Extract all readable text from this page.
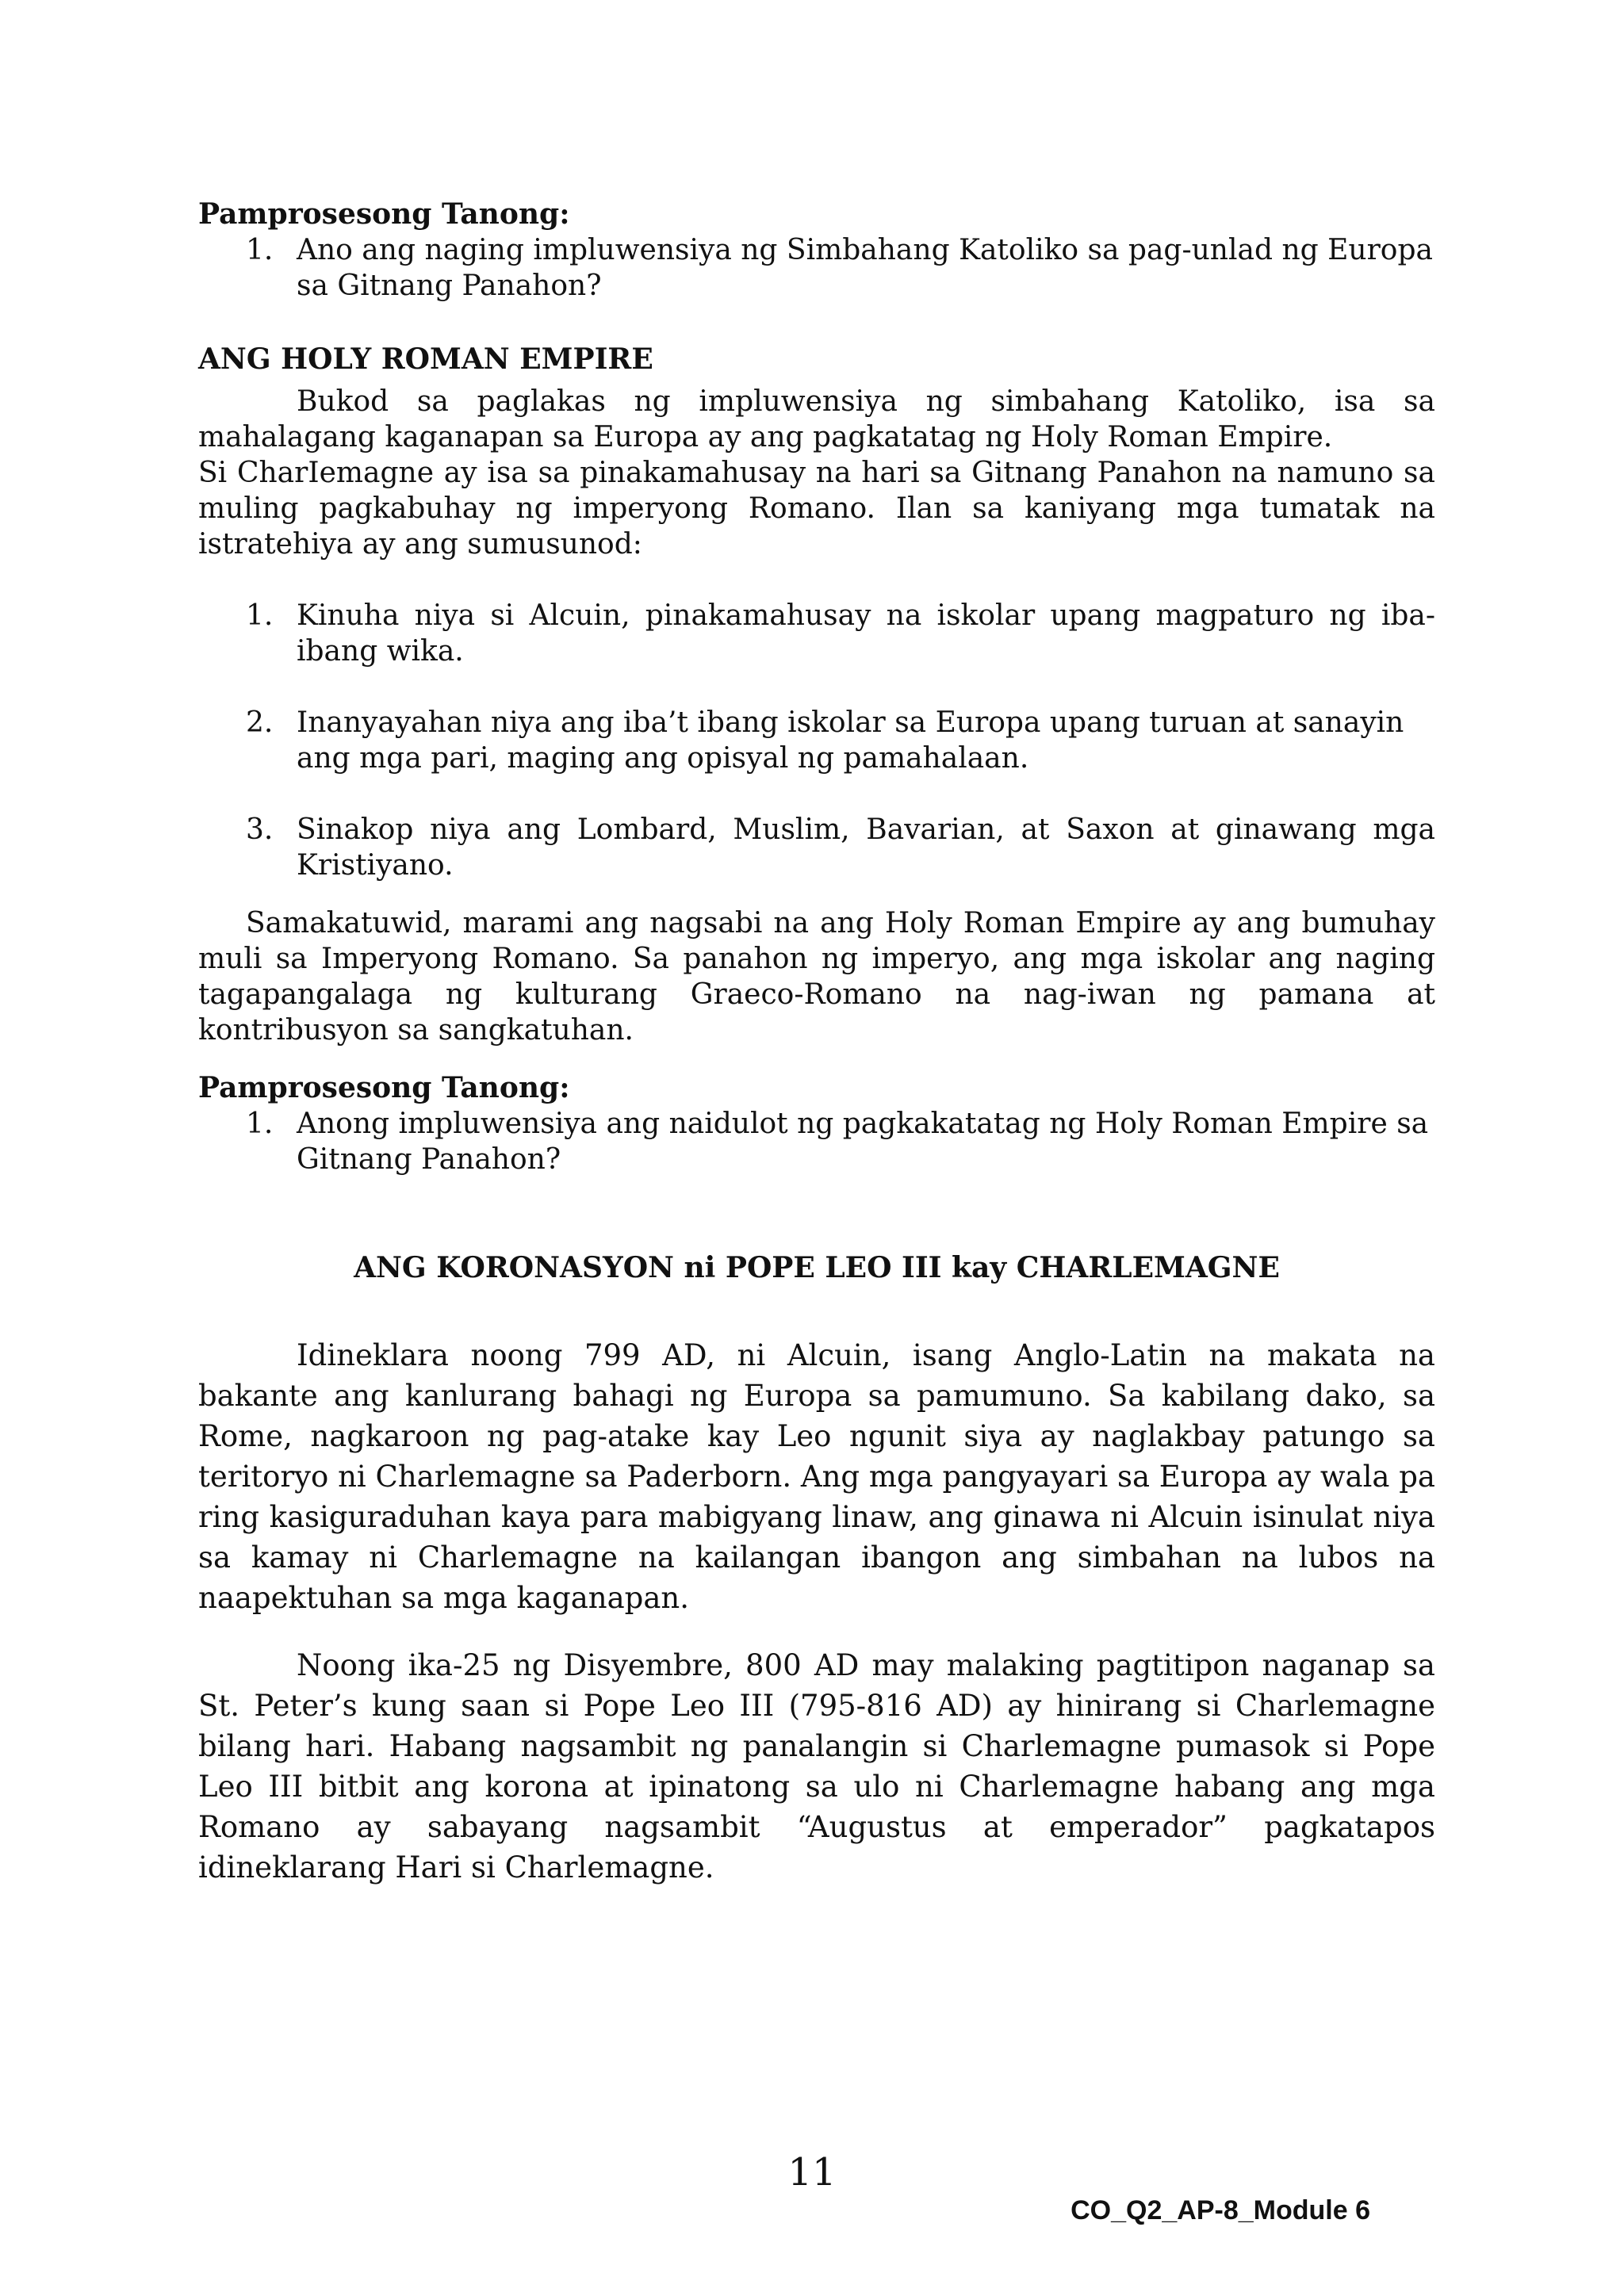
Pamprosesong Tanong:

1. Ano ang naging impluwensiya ng Simbahang Katoliko sa pag-unlad ng Europa sa Gitnang Panahon?

ANG HOLY ROMAN EMPIRE

Bukod sa paglakas ng impluwensiya ng simbahang Katoliko, isa sa mahalagang kaganapan sa Europa ay ang pagkatatag ng Holy Roman Empire.

Si CharIemagne ay isa sa pinakamahusay na hari sa Gitnang Panahon na namuno sa muling pagkabuhay ng imperyong Romano. Ilan sa kaniyang mga tumatak na istratehiya ay ang sumusunod:

1. Kinuha niya si Alcuin, pinakamahusay na iskolar upang magpaturo ng iba-ibang wika.
2. Inanyayahan niya ang iba’t ibang iskolar sa Europa upang turuan at sanayin ang mga pari, maging ang opisyal ng pamahalaan.
3. Sinakop niya ang Lombard, Muslim, Bavarian, at Saxon at ginawang mga Kristiyano.

Samakatuwid, marami ang nagsabi na ang Holy Roman Empire ay ang bumuhay muli sa Imperyong Romano. Sa panahon ng imperyo, ang mga iskolar ang naging tagapangalaga ng kulturang Graeco-Romano na nag-iwan ng pamana at kontribusyon sa sangkatuhan.

Pamprosesong Tanong:

1. Anong impluwensiya ang naidulot ng pagkakatatag ng Holy Roman Empire sa Gitnang Panahon?

ANG KORONASYON ni POPE LEO III kay CHARLEMAGNE

Idineklara noong 799 AD, ni Alcuin, isang Anglo-Latin na makata na bakante ang kanlurang bahagi ng Europa sa pamumuno. Sa kabilang dako, sa Rome, nagkaroon ng pag-atake kay Leo ngunit siya ay naglakbay patungo sa teritoryo ni Charlemagne sa Paderborn. Ang mga pangyayari sa Europa ay wala pa ring kasiguraduhan kaya para mabigyang linaw, ang ginawa ni Alcuin isinulat niya sa kamay ni Charlemagne na kailangan ibangon ang simbahan na lubos na naapektuhan sa mga kaganapan.

Noong ika-25 ng Disyembre, 800 AD may malaking pagtitipon naganap sa St. Peter’s kung saan si Pope Leo III (795-816 AD) ay hinirang si Charlemagne bilang hari. Habang nagsambit ng panalangin si Charlemagne pumasok si Pope Leo III bitbit ang korona at ipinatong sa ulo ni Charlemagne habang ang mga Romano ay sabayang nagsambit “Augustus at emperador” pagkatapos idineklarang Hari si Charlemagne.

11
CO_Q2_AP-8_Module 6
